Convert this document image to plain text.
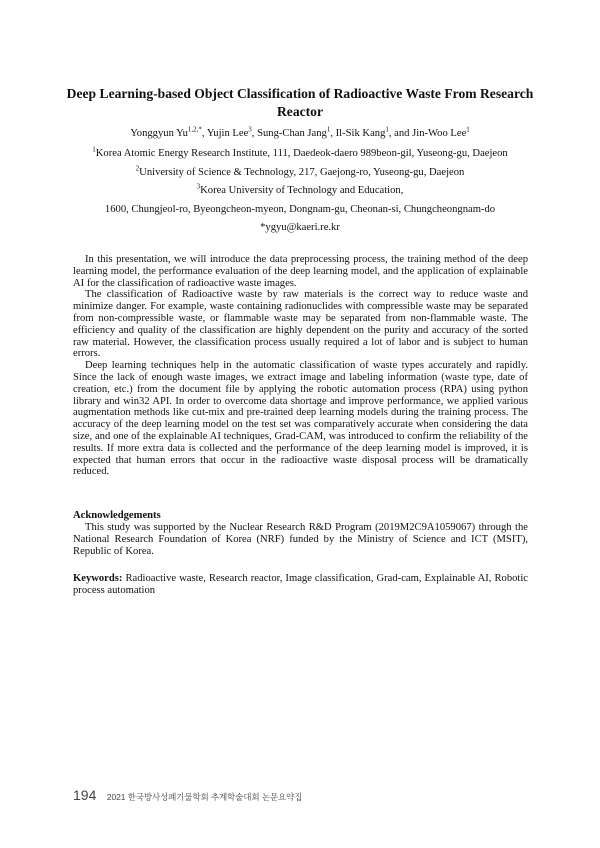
Deep Learning-based Object Classification of Radioactive Waste From Research Reactor
Yonggyun $Yu^{1,2,*}$, Yujin Lee$^3$, Sung-Chan Jang$^1$, Il-Sik Kang$^1$, and Jin-Woo Lee$^1$
$^1$Korea Atomic Energy Research Institute, 111, Daedeok-daero 989beon-gil, Yuseong-gu, Daejeon
$^2$University of Science & Technology, 217, Gaejong-ro, Yuseong-gu, Daejeon
$^3$Korea University of Technology and Education,
1600, Chungjeol-ro, Byeongcheon-myeon, Dongnam-gu, Cheonan-si, Chungcheongnam-do
*ygyu@kaeri.re.kr

In this presentation, we will introduce the data preprocessing process, the training method of the deep learning model, the performance evaluation of the deep learning model, and the application of explainable AI for the classification of radioactive waste images.

The classification of Radioactive waste by raw materials is the correct way to reduce waste and minimize danger. For example, waste containing radionuclides with compressible waste may be separated from non-compressible waste, or flammable waste may be separated from non-flammable waste. The efficiency and quality of the classification are highly dependent on the purity and accuracy of the sorted raw material. However, the classification process usually required a lot of labor and is subject to human errors.

Deep learning techniques help in the automatic classification of waste types accurately and rapidly. Since the lack of enough waste images, we extract image and labeling information (waste type, date of creation, etc.) from the document file by applying the robotic automation process (RPA) using python library and win32 API. In order to overcome data shortage and improve performance, we applied various augmentation methods like cut-mix and pre-trained deep learning models during the training process. The accuracy of the deep learning model on the test set was comparatively accurate when considering the data size, and one of the explainable AI techniques, Grad-CAM, was introduced to confirm the reliability of the results. If more extra data is collected and the performance of the deep learning model is improved, it is expected that human errors that occur in the radioactive waste disposal process will be dramatically reduced.

Acknowledgements

This study was supported by the Nuclear Research R&D Program (2019M2C9A1059067) through the National Research Foundation of Korea (NRF) funded by the Ministry of Science and ICT (MSIT), Republic of Korea.

Keywords: Radioactive waste, Research reactor, Image classification, Grad-cam, Explainable AI, Robotic process automation
194 2021 한국방사성폐기물학회 추계학술대회 논문요약집
